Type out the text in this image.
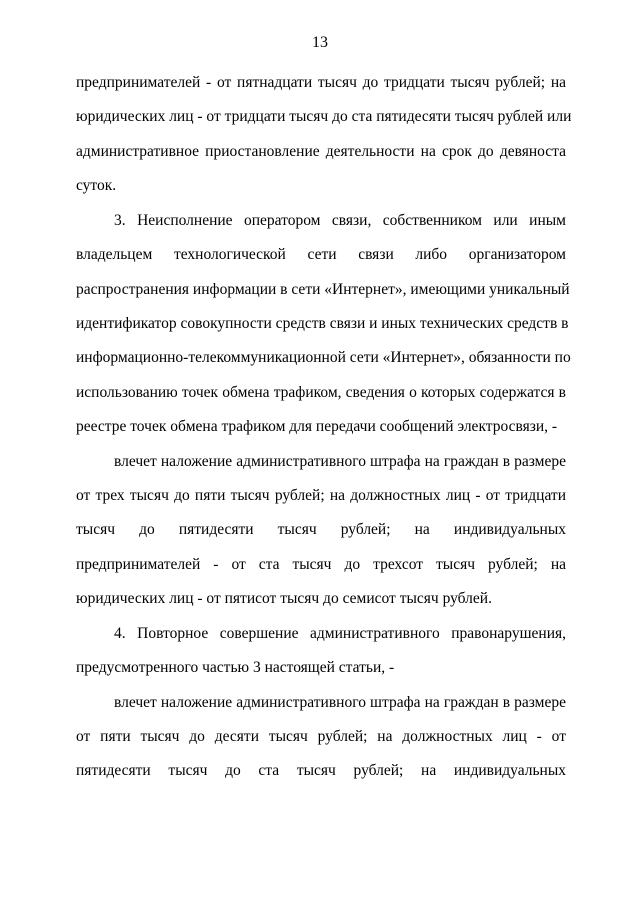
13
предпринимателей - от пятнадцати тысяч до тридцати тысяч рублей; на
юридических лиц - от тридцати тысяч до ста пятидесяти тысяч рублей или
административное приостановление деятельности на срок до девяноста
суток.
3. Неисполнение оператором связи, собственником или иным
владельцем технологической сети связи либо организатором
распространения информации в сети «Интернет», имеющими уникальный
идентификатор совокупности средств связи и иных технических средств в
информационно-телекоммуникационной сети «Интернет», обязанности по
использованию точек обмена трафиком, сведения о которых содержатся в
реестре точек обмена трафиком для передачи сообщений электросвязи, -
влечет наложение административного штрафа на граждан в размере
от трех тысяч до пяти тысяч рублей; на должностных лиц - от тридцати
тысяч до пятидесяти тысяч рублей; на индивидуальных
предпринимателей - от ста тысяч до трехсот тысяч рублей; на
юридических лиц - от пятисот тысяч до семисот тысяч рублей.
4. Повторное совершение административного правонарушения,
предусмотренного частью 3 настоящей статьи, -
влечет наложение административного штрафа на граждан в размере
от пяти тысяч до десяти тысяч рублей; на должностных лиц - от
пятидесяти тысяч до ста тысяч рублей; на индивидуальных
